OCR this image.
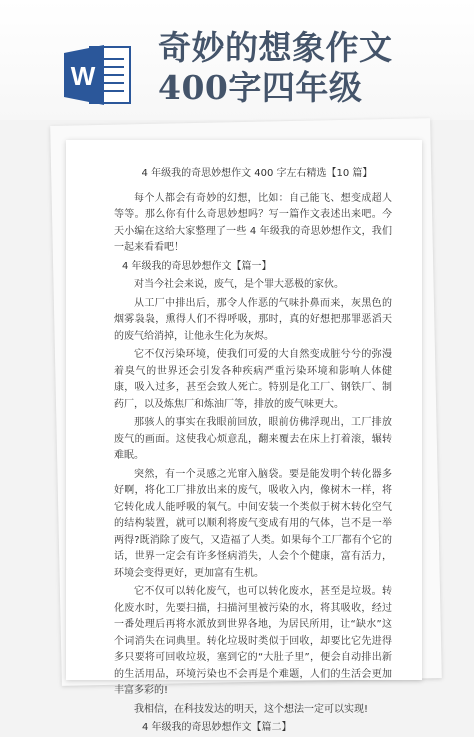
W
奇妙的想象作文400字四年级
4 年级我的奇思妙想作文 400 字左右精选【10 篇】

每个人都会有奇妙的幻想，比如：自己能飞、想变成超人等等。那么你有什么奇思妙想吗？写一篇作文表述出来吧。今天小编在这给大家整理了一些 4 年级我的奇思妙想作文，我们一起来看看吧！

4 年级我的奇思妙想作文【篇一】

对当今社会来说，废气，是个罪大恶极的家伙。

从工厂中排出后，那令人作恶的气味扑鼻而来，灰黑色的烟雾袅袅，熏得人们不得呼吸，那时，真的好想把那罪恶滔天的废气给消掉，让他永生化为灰烬。

它不仅污染环境，使我们可爱的大自然变成脏兮兮的弥漫着臭气的世界还会引发各种疾病严重污染环境和影响人体健康，吸入过多，甚至会致人死亡。特别是化工厂、钢铁厂、制药厂，以及炼焦厂和炼油厂等，排放的废气味更大。

那骇人的事实在我眼前回放，眼前仿佛浮现出，工厂排放废气的画面。这使我心烦意乱，翻来覆去在床上打着滚，辗转难眠。

突然，有一个灵感之光窜入脑袋。要是能发明个转化器多好啊，将化工厂排放出来的废气，吸收入内，像树木一样，将它转化成人能呼吸的氧气。中间安装一个类似于树木转化空气的结构装置，就可以顺利将废气变成有用的气体，岂不是一举两得?既消除了废气，又造福了人类。如果每个工厂都有个它的话，世界一定会有许多怪病消失，人会个个健康，富有活力，环境会变得更好，更加富有生机。

它不仅可以转化废气，也可以转化废水，甚至是垃圾。转化废水时，先要扫描，扫描河里被污染的水，将其吸收，经过一番处理后再将水派放到世界各地，为居民所用，让“缺水”这个词消失在词典里。转化垃圾时类似于回收，却要比它先进得多只要将可回收垃圾，塞到它的“大肚子里”，便会自动排出新的生活用品，环境污染也不会再是个难题，人们的生活会更加丰富多彩的!

我相信，在科技发达的明天，这个想法一定可以实现!

4 年级我的奇思妙想作文【篇二】
